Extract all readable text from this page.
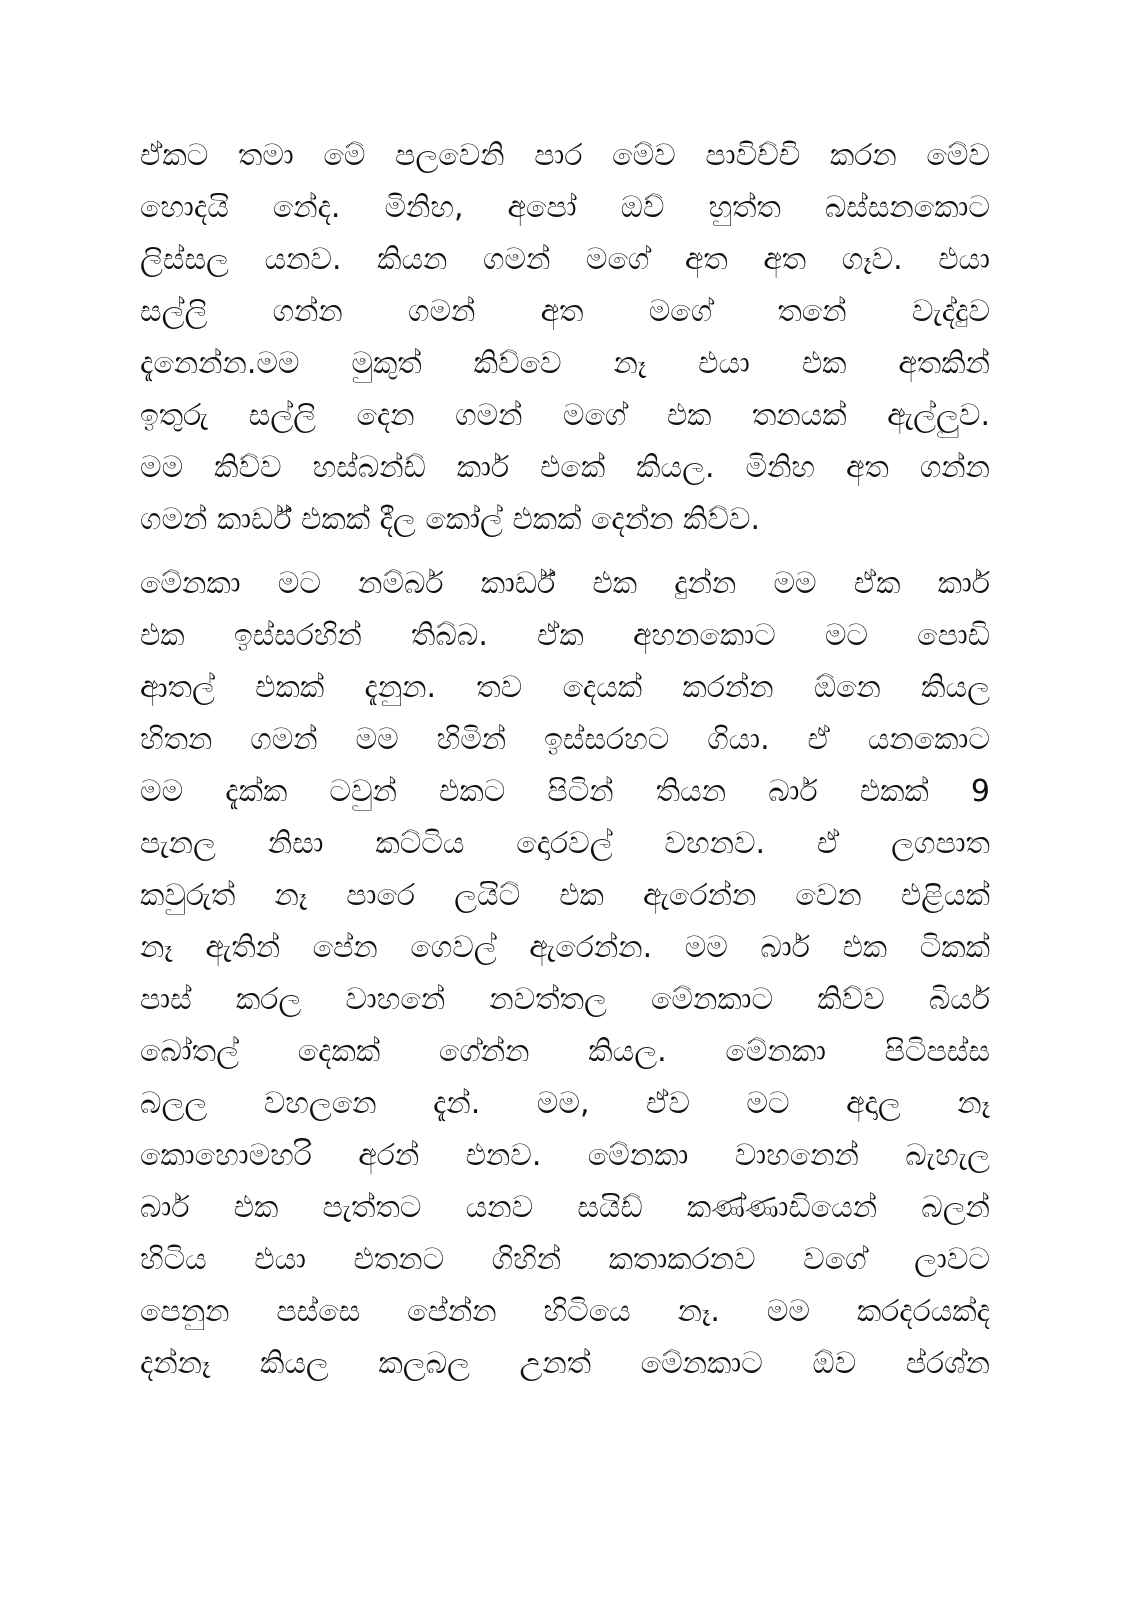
ඒකට තමා මේ පලවෙනි පාර මේව පාවිච්චි කරන මේව
හොදයි නේද. මිනිහ, අපෝ ඔව් හුත්ත බස්සනකොට
ලිස්සල යනව. කියන ගමන් මගේ අත අත ගෑව. එයා
සල්ලි ගන්න ගමන් අත මගේ තනේ වැද්දුව
දැනෙන්න.මම මුකුත් කිව්වෙ නෑ එයා එක අතකින්
ඉතුරු සල්ලි දෙන ගමන් මගේ එක තනයක් ඇල්ලුව.
මම කිව්ව හස්බන්ඩ් කාර් එකේ කියල. මිනිහ අත ගන්න
ගමන් කාර්ඩ් එකක් දීල කෝල් එකක් දෙන්න කිව්ව.
මේනකා මට නම්බර් කාර්ඩ් එක දුන්න මම ඒක කාර්
එක ඉස්සරහින් තිබ්බ. ඒක අහනකොට මට පොඩි
ආතල් එකක් දැනුන. තව දෙයක් කරන්න ඕනෙ කියල
හිතන ගමන් මම හිමින් ඉස්සරහට ගියා. ඒ යනකොට
මම දැක්ක ටවුන් එකට පිටින් තියන බාර් එකක් 9
පැනල නිසා කට්ටිය දොරවල් වහනව. ඒ ලගපාත
කවුරුත් නෑ පාරෙ ලයිට් එක ඇරෙන්න වෙන එළියක්
නෑ ඇතින් පේන ගෙවල් ඇරෙන්න. මම බාර් එක ටිකක්
පාස් කරල වාහනේ නවත්තල මේනකාට කිව්ව බියර්
බෝතල් දෙකක් ගේන්න කියල. මේනකා පිටිපස්ස
බලල වහලනෙ දැන්. මම, ඒව මට අදාල නෑ
කොහොමහරි අරන් එනව. මේනකා වාහනෙන් බැහැල
බාර් එක පැත්තට යනව සයිඩ් කණ්ණාඩියෙන් බලන්
හිටිය එයා එතනට ගිහින් කතාකරනව වගේ ලාවට
පෙනුන පස්සෙ පේන්න හිටියෙ නෑ. මම කරදරයක්ද
දන්නෑ කියල කලබල උනත් මේනකාට ඕව ප්රශ්න
